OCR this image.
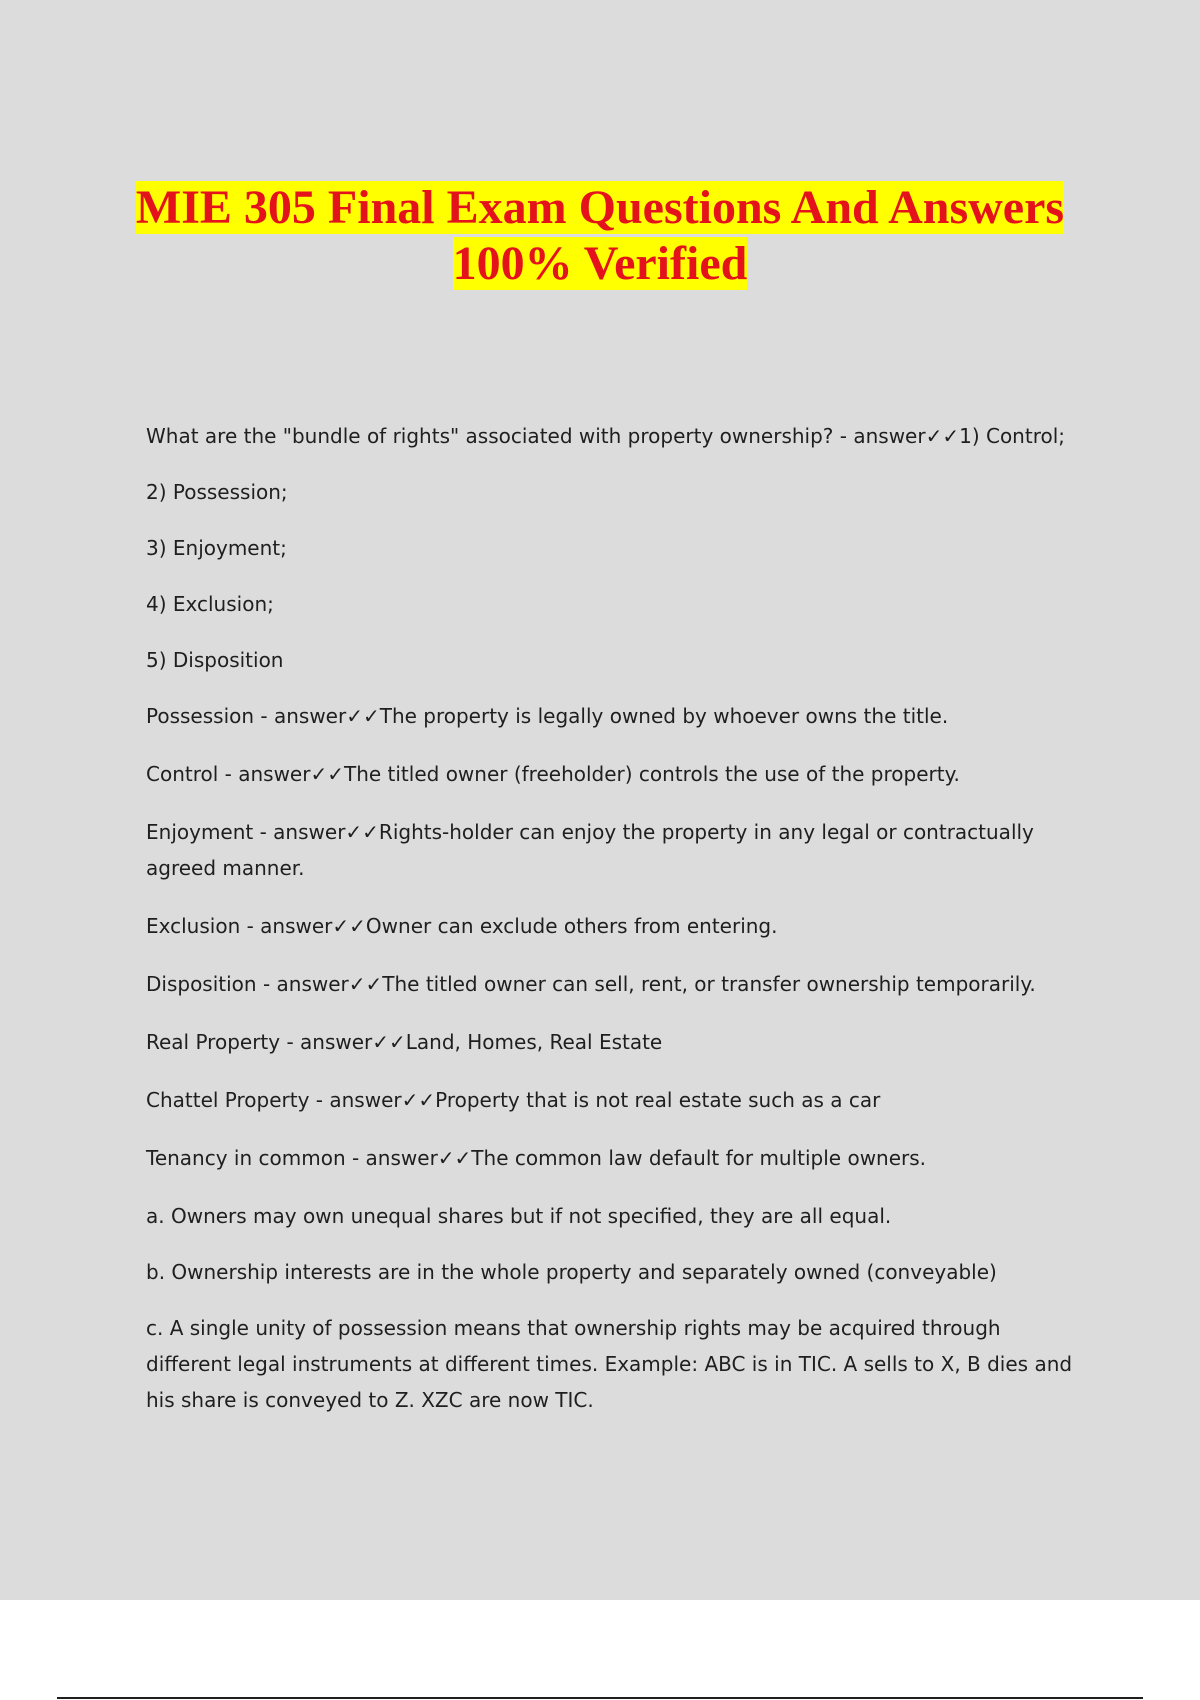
MIE 305 Final Exam Questions And Answers
100% Verified

What are the "bundle of rights" associated with property ownership? - answer✓✓1) Control;

2) Possession;

3) Enjoyment;

4) Exclusion;

5) Disposition

Possession - answer✓✓The property is legally owned by whoever owns the title.

Control - answer✓✓The titled owner (freeholder) controls the use of the property.

Enjoyment - answer✓✓Rights-holder can enjoy the property in any legal or contractually agreed manner.

Exclusion - answer✓✓Owner can exclude others from entering.

Disposition - answer✓✓The titled owner can sell, rent, or transfer ownership temporarily.

Real Property - answer✓✓Land, Homes, Real Estate

Chattel Property - answer✓✓Property that is not real estate such as a car

Tenancy in common - answer✓✓The common law default for multiple owners.

a. Owners may own unequal shares but if not specified, they are all equal.

b. Ownership interests are in the whole property and separately owned (conveyable)

c. A single unity of possession means that ownership rights may be acquired through different legal instruments at different times. Example: ABC is in TIC. A sells to X, B dies and his share is conveyed to Z. XZC are now TIC.
